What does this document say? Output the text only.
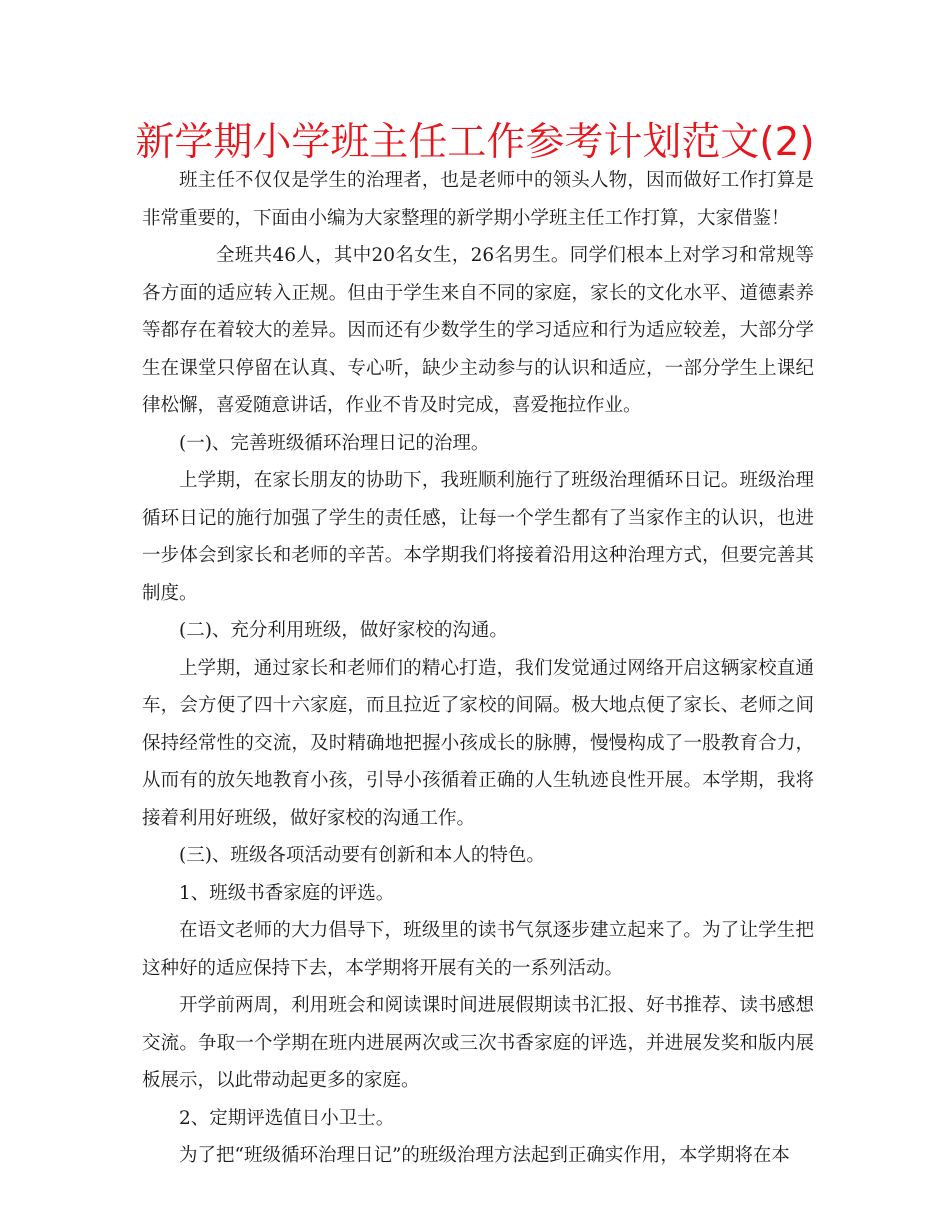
新学期小学班主任工作参考计划范文(2)

班主任不仅仅是学生的治理者，也是老师中的领头人物，因而做好工作打算是非常重要的，下面由小编为大家整理的新学期小学班主任工作打算，大家借鉴！

全班共46人，其中20名女生，26名男生。同学们根本上对学习和常规等各方面的适应转入正规。但由于学生来自不同的家庭，家长的文化水平、道德素养等都存在着较大的差异。因而还有少数学生的学习适应和行为适应较差，大部分学生在课堂只停留在认真、专心听，缺少主动参与的认识和适应，一部分学生上课纪律松懈，喜爱随意讲话，作业不肯及时完成，喜爱拖拉作业。

(一)、完善班级循环治理日记的治理。

上学期，在家长朋友的协助下，我班顺利施行了班级治理循环日记。班级治理循环日记的施行加强了学生的责任感，让每一个学生都有了当家作主的认识，也进一步体会到家长和老师的辛苦。本学期我们将接着沿用这种治理方式，但要完善其制度。

(二)、充分利用班级，做好家校的沟通。

上学期，通过家长和老师们的精心打造，我们发觉通过网络开启这辆家校直通车，会方便了四十六家庭，而且拉近了家校的间隔。极大地点便了家长、老师之间保持经常性的交流，及时精确地把握小孩成长的脉膊，慢慢构成了一股教育合力，从而有的放矢地教育小孩，引导小孩循着正确的人生轨迹良性开展。本学期，我将接着利用好班级，做好家校的沟通工作。

(三)、班级各项活动要有创新和本人的特色。

1、班级书香家庭的评选。

在语文老师的大力倡导下，班级里的读书气氛逐步建立起来了。为了让学生把这种好的适应保持下去，本学期将开展有关的一系列活动。

开学前两周，利用班会和阅读课时间进展假期读书汇报、好书推荐、读书感想交流。争取一个学期在班内进展两次或三次书香家庭的评选，并进展发奖和版内展板展示，以此带动起更多的家庭。

2、定期评选值日小卫士。

为了把“班级循环治理日记”的班级治理方法起到正确实作用，本学期将在本
